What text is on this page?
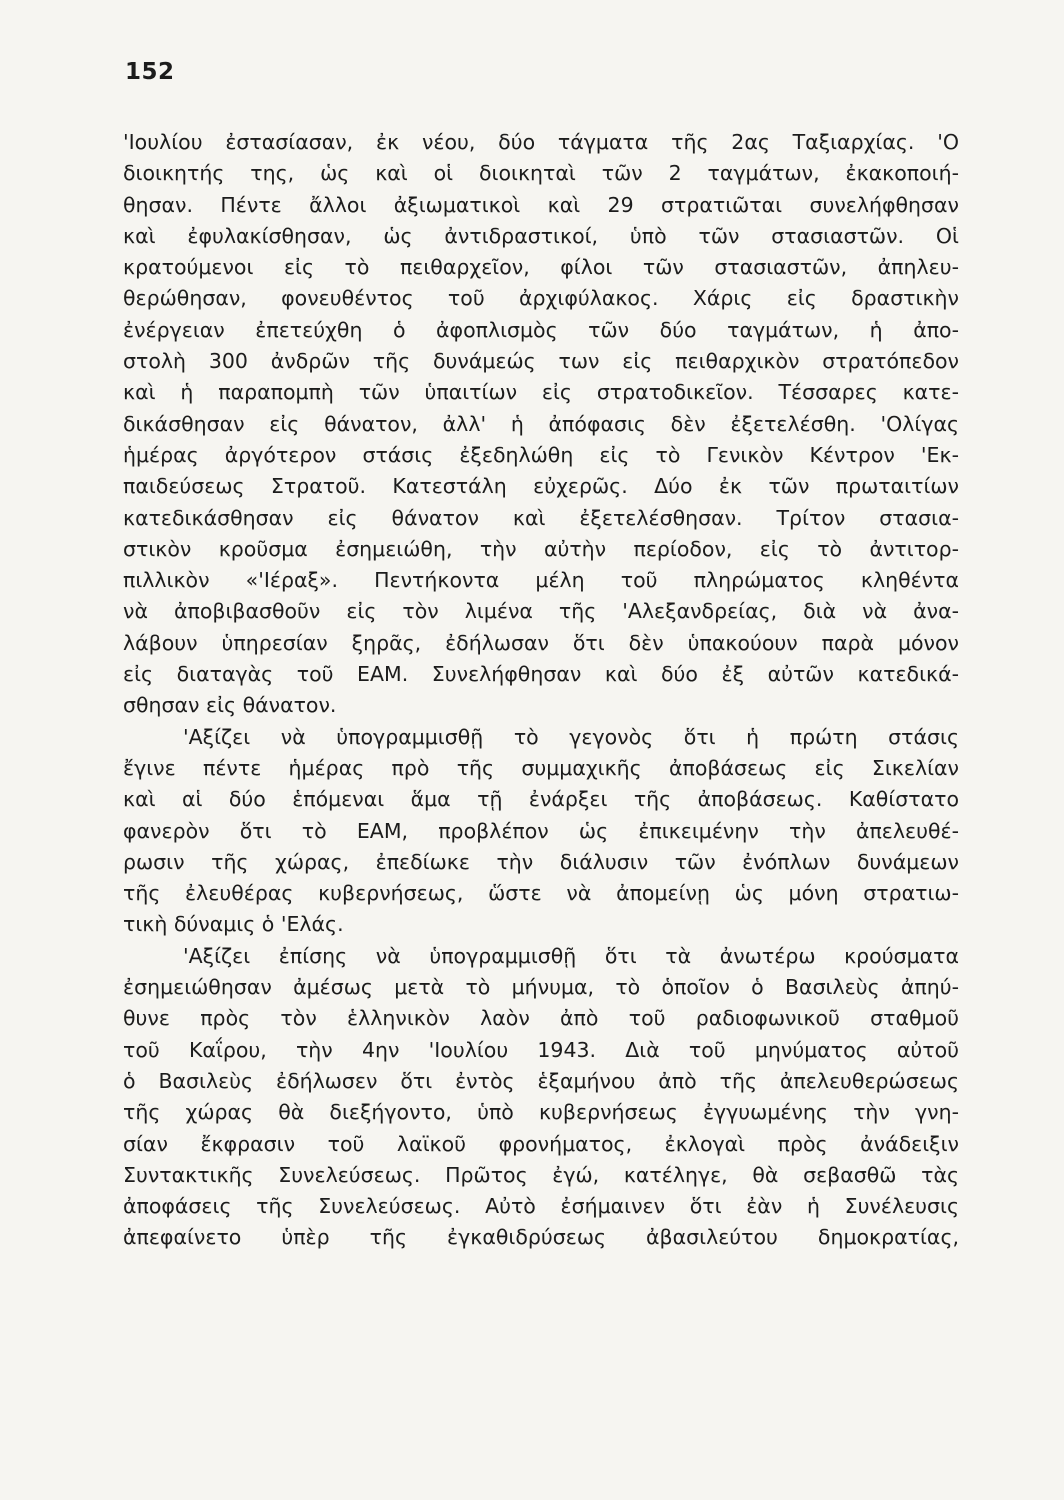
152

'Ιουλίου ἐστασίασαν, ἐκ νέου, δύο τάγματα τῆς 2ας Ταξιαρχίας. 'Ο
διοικητής της, ὡς καὶ οἱ διοικηταὶ τῶν 2 ταγμάτων, ἐκακοποιή-
θησαν. Πέντε ἄλλοι ἀξιωματικοὶ καὶ 29 στρατιῶται συνελήφθησαν
καὶ ἐφυλακίσθησαν, ὡς ἀντιδραστικοί, ὑπὸ τῶν στασιαστῶν. Οἱ
κρατούμενοι εἰς τὸ πειθαρχεῖον, φίλοι τῶν στασιαστῶν, ἀπηλευ-
θερώθησαν, φονευθέντος τοῦ ἀρχιφύλακος. Χάρις εἰς δραστικὴν
ἐνέργειαν ἐπετεύχθη ὁ ἀφοπλισμὸς τῶν δύο ταγμάτων, ἡ ἀπο-
στολὴ 300 ἀνδρῶν τῆς δυνάμεώς των εἰς πειθαρχικὸν στρατόπεδον
καὶ ἡ παραπομπὴ τῶν ὑπαιτίων εἰς στρατοδικεῖον. Τέσσαρες κατε-
δικάσθησαν εἰς θάνατον, ἀλλ' ἡ ἀπόφασις δὲν ἐξετελέσθη. 'Ολίγας
ἡμέρας ἀργότερον στάσις ἐξεδηλώθη εἰς τὸ Γενικὸν Κέντρον 'Εκ-
παιδεύσεως Στρατοῦ. Κατεστάλη εὐχερῶς. Δύο ἐκ τῶν πρωταιτίων
κατεδικάσθησαν εἰς θάνατον καὶ ἐξετελέσθησαν. Τρίτον στασια-
στικὸν κροῦσμα ἐσημειώθη, τὴν αὐτὴν περίοδον, εἰς τὸ ἀντιτορ-
πιλλικὸν «'Ιέραξ». Πεντήκοντα μέλη τοῦ πληρώματος κληθέντα
νὰ ἀποβιβασθοῦν εἰς τὸν λιμένα τῆς 'Αλεξανδρείας, διὰ νὰ ἀνα-
λάβουν ὑπηρεσίαν ξηρᾶς, ἐδήλωσαν ὅτι δὲν ὑπακούουν παρὰ μόνον
εἰς διαταγὰς τοῦ ΕΑΜ. Συνελήφθησαν καὶ δύο ἐξ αὐτῶν κατεδικά-
σθησαν εἰς θάνατον.

'Αξίζει νὰ ὑπογραμμισθῇ τὸ γεγονὸς ὅτι ἡ πρώτη στάσις
ἔγινε πέντε ἡμέρας πρὸ τῆς συμμαχικῆς ἀποβάσεως εἰς Σικελίαν
καὶ αἱ δύο ἑπόμεναι ἅμα τῇ ἐνάρξει τῆς ἀποβάσεως. Καθίστατο
φανερὸν ὅτι τὸ ΕΑΜ, προβλέπον ὡς ἐπικειμένην τὴν ἀπελευθέ-
ρωσιν τῆς χώρας, ἐπεδίωκε τὴν διάλυσιν τῶν ἐνόπλων δυνάμεων
τῆς ἐλευθέρας κυβερνήσεως, ὥστε νὰ ἀπομείνῃ ὡς μόνη στρατιω-
τικὴ δύναμις ὁ 'Ελάς.

'Αξίζει ἐπίσης νὰ ὑπογραμμισθῇ ὅτι τὰ ἀνωτέρω κρούσματα
ἐσημειώθησαν ἀμέσως μετὰ τὸ μήνυμα, τὸ ὁποῖον ὁ Βασιλεὺς ἀπηύ-
θυνε πρὸς τὸν ἑλληνικὸν λαὸν ἀπὸ τοῦ ραδιοφωνικοῦ σταθμοῦ
τοῦ Καΐρου, τὴν 4ην 'Ιουλίου 1943. Διὰ τοῦ μηνύματος αὐτοῦ
ὁ Βασιλεὺς ἐδήλωσεν ὅτι ἐντὸς ἑξαμήνου ἀπὸ τῆς ἀπελευθερώσεως
τῆς χώρας θὰ διεξήγοντο, ὑπὸ κυβερνήσεως ἐγγυωμένης τὴν γνη-
σίαν ἔκφρασιν τοῦ λαϊκοῦ φρονήματος, ἐκλογαὶ πρὸς ἀνάδειξιν
Συντακτικῆς Συνελεύσεως. Πρῶτος ἐγώ, κατέληγε, θὰ σεβασθῶ τὰς
ἀποφάσεις τῆς Συνελεύσεως. Αὐτὸ ἐσήμαινεν ὅτι ἐὰν ἡ Συνέλευσις
ἀπεφαίνετο ὑπὲρ τῆς ἐγκαθιδρύσεως ἀβασιλεύτου δημοκρατίας,
